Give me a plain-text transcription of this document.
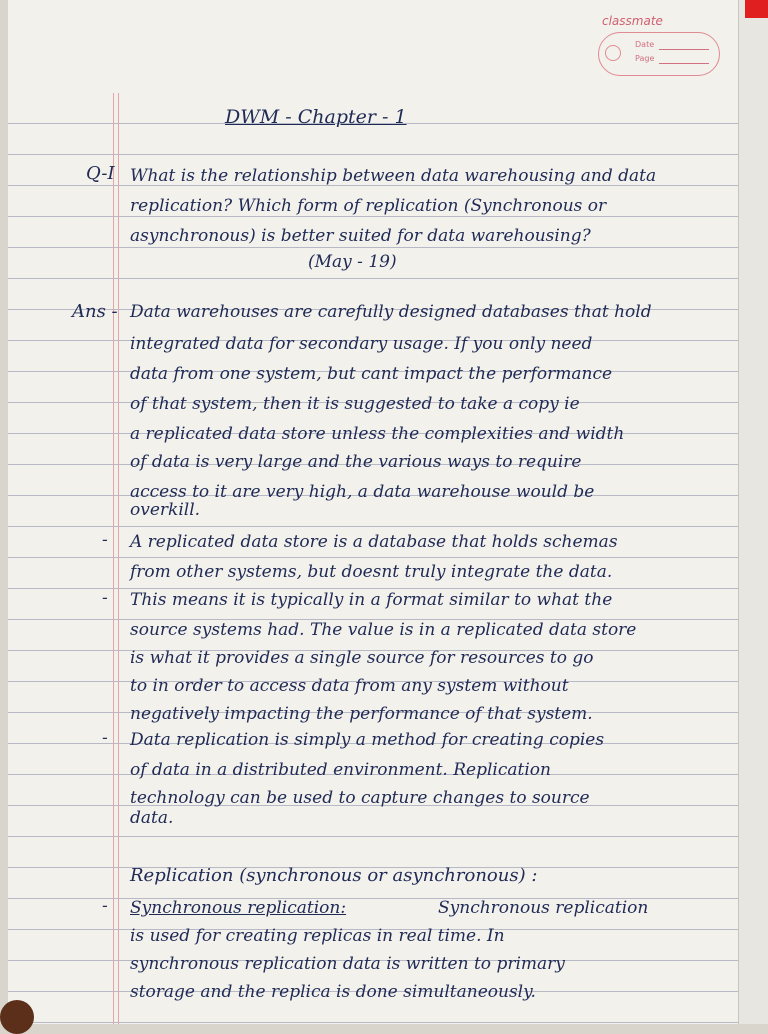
classmate
Date
Page
DWM - Chapter - 1
Q-I What is the relationship between data warehousing and data
replication? Which form of replication (Synchronous or
asynchronous) is better suited for data warehousing?
(May - 19)
Ans - Data warehouses are carefully designed databases that hold
integrated data for secondary usage. If you only need
data from one system, but cant impact the performance
of that system, then it is suggested to take a copy ie
a replicated data store unless the complexities and width
of data is very large and the various ways to require
access to it are very high, a data warehouse would be
overkill.
- A replicated data store is a database that holds schemas
from other systems, but doesnt truly integrate the data.
- This means it is typically in a format similar to what the
source systems had. The value is in a replicated data store
is what it provides a single source for resources to go
to in order to access data from any system without
negatively impacting the performance of that system.
- Data replication is simply a method for creating copies
of data in a distributed environment. Replication
technology can be used to capture changes to source
data.
Replication (synchronous or asynchronous) :
- Synchronous replication:	Synchronous replication
is used for creating replicas in real time. In
synchronous replication data is written to primary
storage and the replica is done simultaneously.
